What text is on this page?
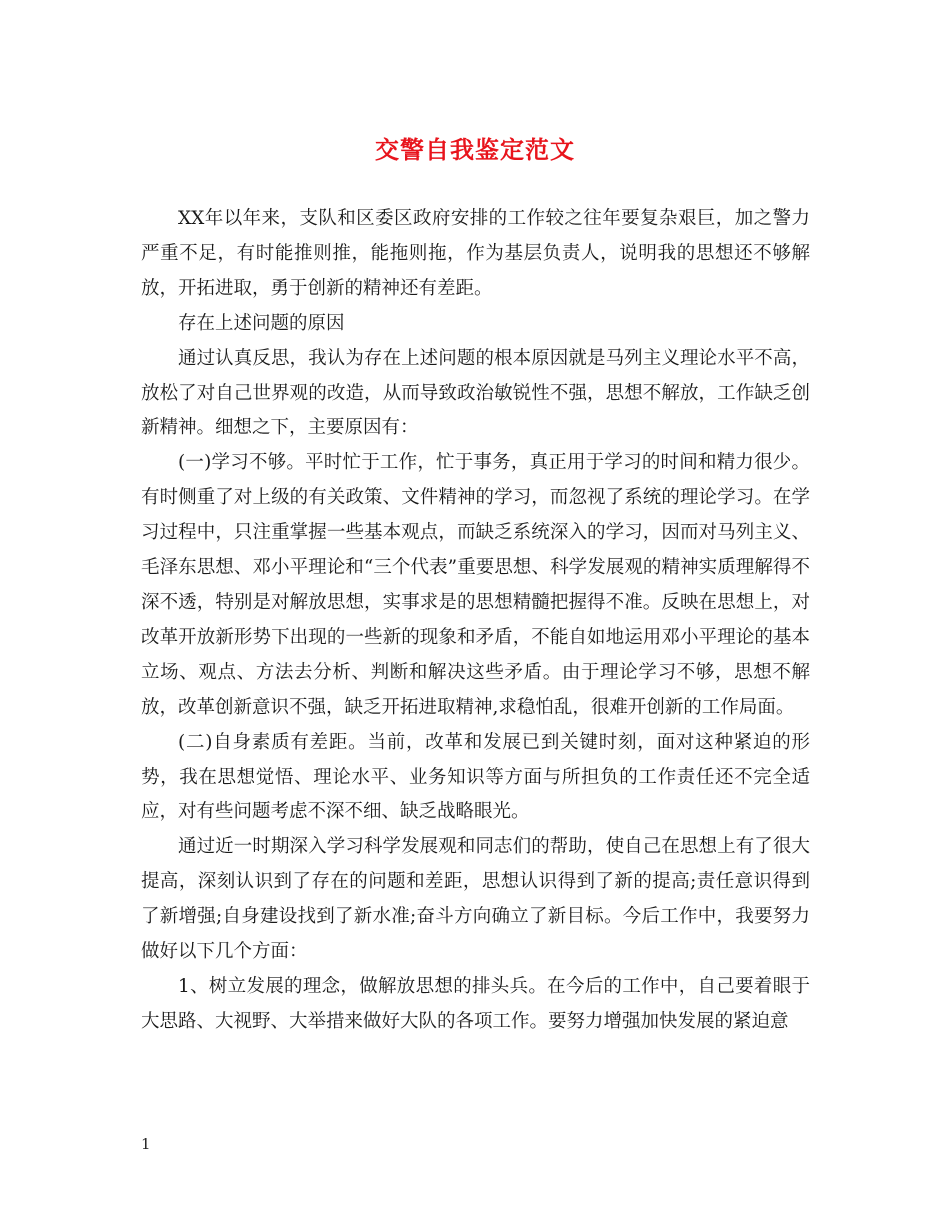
交警自我鉴定范文

XX年以年来，支队和区委区政府安排的工作较之往年要复杂艰巨，加之警力严重不足，有时能推则推，能拖则拖，作为基层负责人，说明我的思想还不够解放，开拓进取，勇于创新的精神还有差距。

存在上述问题的原因

通过认真反思，我认为存在上述问题的根本原因就是马列主义理论水平不高，放松了对自己世界观的改造，从而导致政治敏锐性不强，思想不解放，工作缺乏创新精神。细想之下，主要原因有：

(一)学习不够。平时忙于工作，忙于事务，真正用于学习的时间和精力很少。有时侧重了对上级的有关政策、文件精神的学习，而忽视了系统的理论学习。在学习过程中，只注重掌握一些基本观点，而缺乏系统深入的学习，因而对马列主义、毛泽东思想、邓小平理论和“三个代表”重要思想、科学发展观的精神实质理解得不深不透，特别是对解放思想，实事求是的思想精髓把握得不准。反映在思想上，对改革开放新形势下出现的一些新的现象和矛盾，不能自如地运用邓小平理论的基本立场、观点、方法去分析、判断和解决这些矛盾。由于理论学习不够，思想不解放，改革创新意识不强，缺乏开拓进取精神,求稳怕乱，很难开创新的工作局面。

(二)自身素质有差距。当前，改革和发展已到关键时刻，面对这种紧迫的形势，我在思想觉悟、理论水平、业务知识等方面与所担负的工作责任还不完全适应，对有些问题考虑不深不细、缺乏战略眼光。

通过近一时期深入学习科学发展观和同志们的帮助，使自己在思想上有了很大提高，深刻认识到了存在的问题和差距，思想认识得到了新的提高;责任意识得到了新增强;自身建设找到了新水准;奋斗方向确立了新目标。今后工作中，我要努力做好以下几个方面：

1、树立发展的理念，做解放思想的排头兵。在今后的工作中，自己要着眼于大思路、大视野、大举措来做好大队的各项工作。要努力增强加快发展的紧迫意

1
